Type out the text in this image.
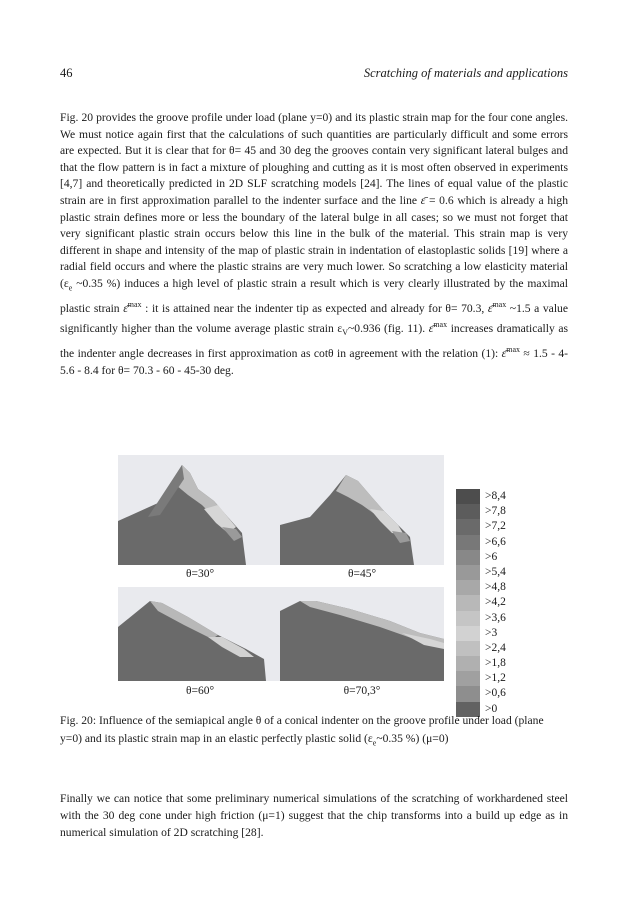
46	Scratching of materials and applications

Fig. 20 provides the groove profile under load (plane y=0) and its plastic strain map for the four cone angles. We must notice again first that the calculations of such quantities are particularly difficult and some errors are expected. But it is clear that for θ= 45 and 30 deg the grooves contain very significant lateral bulges and that the flow pattern is in fact a mixture of ploughing and cutting as it is most often observed in experiments [4,7] and theoretically predicted in 2D SLF scratching models [24]. The lines of equal value of the plastic strain are in first approximation parallel to the indenter surface and the line ε̄ = 0.6 which is already a high plastic strain defines more or less the boundary of the lateral bulge in all cases; so we must not forget that very significant plastic strain occurs below this line in the bulk of the material. This strain map is very different in shape and intensity of the map of plastic strain in indentation of elastoplastic solids [19] where a radial field occurs and where the plastic strains are very much lower. So scratching a low elasticity material ($\varepsilon_e$ ~0.35 %) induces a high level of plastic strain a result which is very clearly illustrated by the maximal plastic strain ε̄$^{max}$ : it is attained near the indenter tip as expected and already for θ= 70.3, ε̄$^{max}$ ~1.5 a value significantly higher than the volume average plastic strain $\varepsilon_V\sim 0.936$ (fig. 11). ε̄$^{max}$ increases dramatically as the indenter angle decreases in first approximation as cotθ in agreement with the relation (1): ε̄$^{max}$ ≈ 1.5 - 4- 5.6 - 8.4 for θ= 70.3 - 60 - 45-30 deg.

θ=30°	θ=45°
θ=60°	θ=70,3°
>8,4
>7,8
>7,2
>6,6
>6
>5,4
>4,8
>4,2
>3,6
>3
>2,4
>1,8
>1,2
>0,6
>0

Fig. 20: Influence of the semiapical angle θ of a conical indenter on the groove profile under load (plane y=0) and its plastic strain map in an elastic perfectly plastic solid ($\varepsilon_e\sim 0.35$ %) (μ=0)

Finally we can notice that some preliminary numerical simulations of the scratching of workhardened steel with the 30 deg cone under high friction (μ=1) suggest that the chip transforms into a build up edge as in numerical simulation of 2D scratching [28].
